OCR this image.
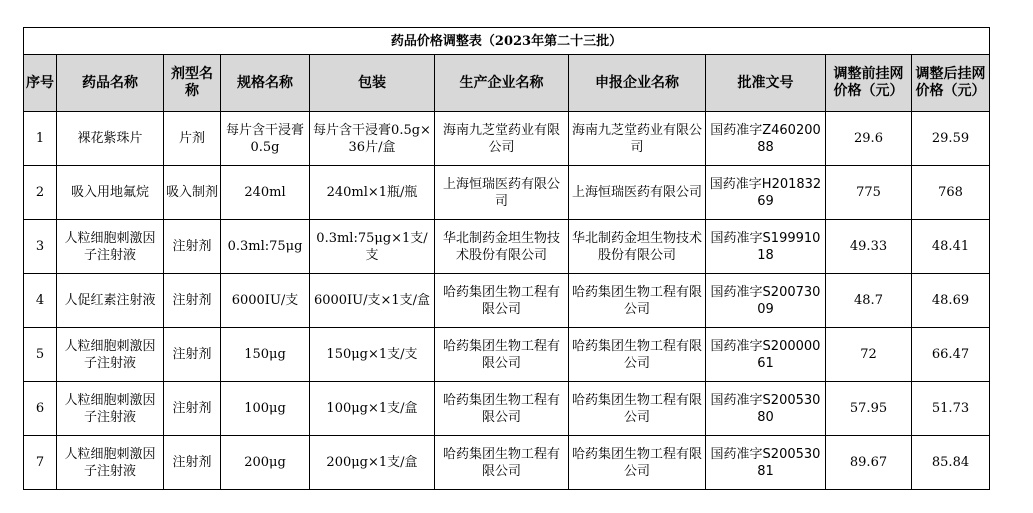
药品价格调整表（2023年第二十三批）									
序号	药品名称	剂型名称	规格名称	包装	生产企业名称	申报企业名称	批准文号	调整前挂网价格（元）	调整后挂网价格（元）
1	裸花紫珠片	片剂	每片含干浸膏0.5g	每片含干浸膏0.5g×36片/盒	海南九芝堂药业有限公司	海南九芝堂药业有限公司	国药准字Z46020088	29.6	29.59
2	吸入用地氟烷	吸入制剂	240ml	240ml×1瓶/瓶	上海恒瑞医药有限公司	上海恒瑞医药有限公司	国药准字H20183269	775	768
3	人粒细胞刺激因子注射液	注射剂	0.3ml:75μg	0.3ml:75μg×1支/支	华北制药金坦生物技术股份有限公司	华北制药金坦生物技术股份有限公司	国药准字S19991018	49.33	48.41
4	人促红素注射液	注射剂	6000IU/支	6000IU/支×1支/盒	哈药集团生物工程有限公司	哈药集团生物工程有限公司	国药准字S20073009	48.7	48.69
5	人粒细胞刺激因子注射液	注射剂	150μg	150μg×1支/支	哈药集团生物工程有限公司	哈药集团生物工程有限公司	国药准字S20000061	72	66.47
6	人粒细胞刺激因子注射液	注射剂	100μg	100μg×1支/盒	哈药集团生物工程有限公司	哈药集团生物工程有限公司	国药准字S20053080	57.95	51.73
7	人粒细胞刺激因子注射液	注射剂	200μg	200μg×1支/盒	哈药集团生物工程有限公司	哈药集团生物工程有限公司	国药准字S20053081	89.67	85.84
